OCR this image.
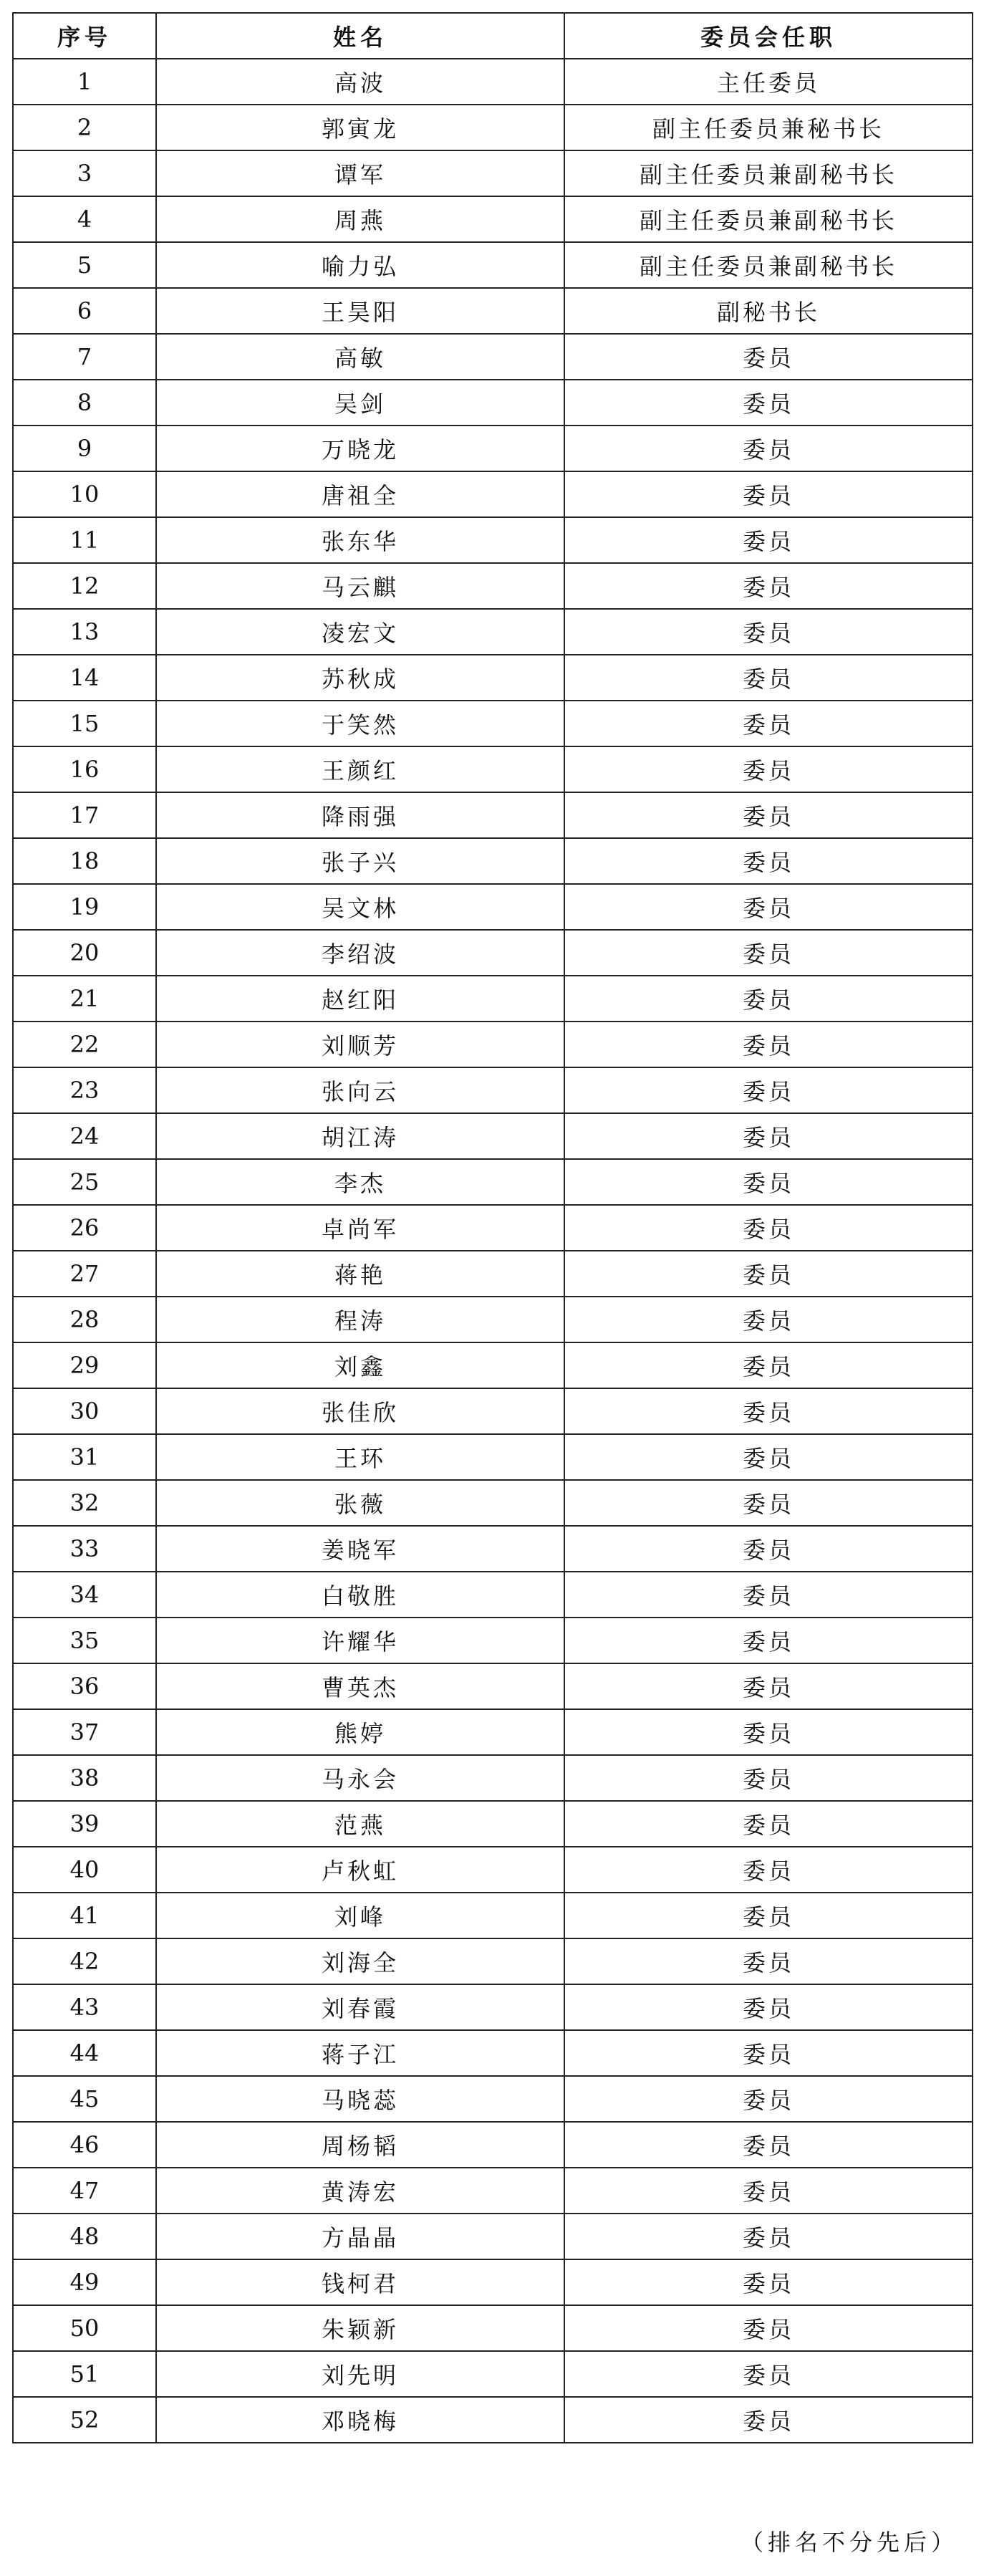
序号	姓名	委员会任职
1	高波	主任委员
2	郭寅龙	副主任委员兼秘书长
3	谭军	副主任委员兼副秘书长
4	周燕	副主任委员兼副秘书长
5	喻力弘	副主任委员兼副秘书长
6	王昊阳	副秘书长
7	高敏	委员
8	吴剑	委员
9	万晓龙	委员
10	唐祖全	委员
11	张东华	委员
12	马云麒	委员
13	凌宏文	委员
14	苏秋成	委员
15	于笑然	委员
16	王颜红	委员
17	降雨强	委员
18	张子兴	委员
19	吴文林	委员
20	李绍波	委员
21	赵红阳	委员
22	刘顺芳	委员
23	张向云	委员
24	胡江涛	委员
25	李杰	委员
26	卓尚军	委员
27	蒋艳	委员
28	程涛	委员
29	刘鑫	委员
30	张佳欣	委员
31	王环	委员
32	张薇	委员
33	姜晓军	委员
34	白敬胜	委员
35	许耀华	委员
36	曹英杰	委员
37	熊婷	委员
38	马永会	委员
39	范燕	委员
40	卢秋虹	委员
41	刘峰	委员
42	刘海全	委员
43	刘春霞	委员
44	蒋子江	委员
45	马晓蕊	委员
46	周杨韬	委员
47	黄涛宏	委员
48	方晶晶	委员
49	钱柯君	委员
50	朱颖新	委员
51	刘先明	委员
52	邓晓梅	委员
（排名不分先后）
